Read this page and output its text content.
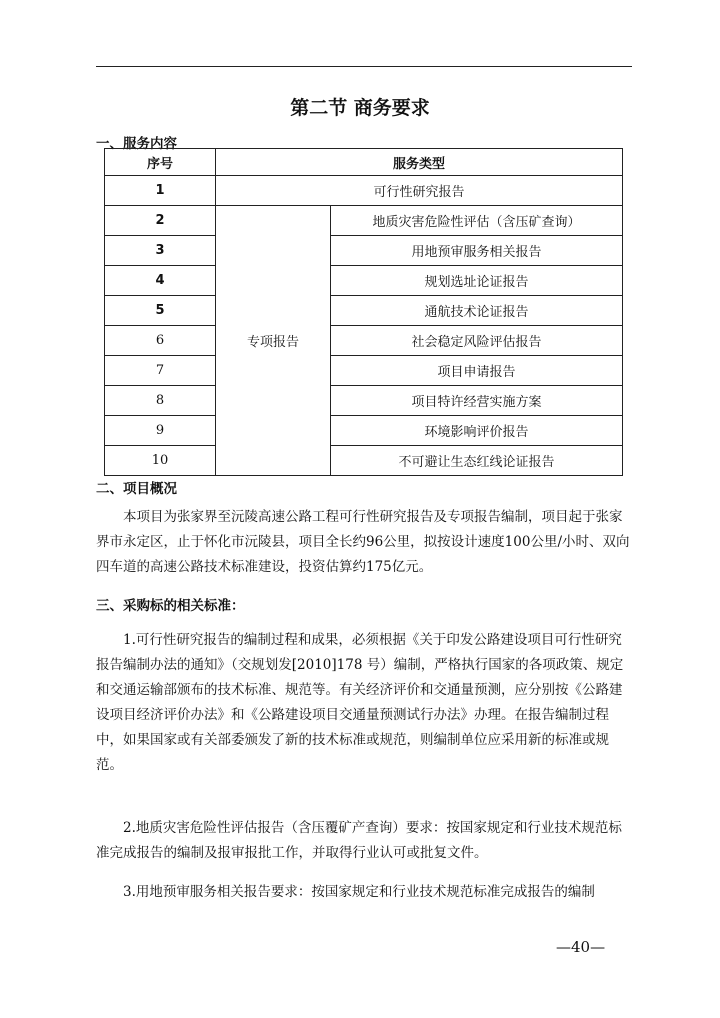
第二节 商务要求
一、服务内容
序号	服务类型	
1	可行性研究报告	
2	专项报告	地质灾害危险性评估（含压矿查询）
3		用地预审服务相关报告
4		规划选址论证报告
5		通航技术论证报告
6		社会稳定风险评估报告
7		项目申请报告
8		项目特许经营实施方案
9		环境影响评价报告
10		不可避让生态红线论证报告
二、项目概况

本项目为张家界至沅陵高速公路工程可行性研究报告及专项报告编制，项目起于张家界市永定区，止于怀化市沅陵县，项目全长约96公里，拟按设计速度100公里/小时、双向四车道的高速公路技术标准建设，投资估算约175亿元。

三、采购标的相关标准：

1.可行性研究报告的编制过程和成果，必须根据《关于印发公路建设项目可行性研究报告编制办法的通知》（交规划发[2010]178 号）编制，严格执行国家的各项政策、规定和交通运输部颁布的技术标准、规范等。有关经济评价和交通量预测，应分别按《公路建设项目经济评价办法》和《公路建设项目交通量预测试行办法》办理。在报告编制过程中，如果国家或有关部委颁发了新的技术标准或规范，则编制单位应采用新的标准或规范。

2.地质灾害危险性评估报告（含压覆矿产查询）要求：按国家规定和行业技术规范标准完成报告的编制及报审报批工作，并取得行业认可或批复文件。

3.用地预审服务相关报告要求：按国家规定和行业技术规范标准完成报告的编制

—40—
